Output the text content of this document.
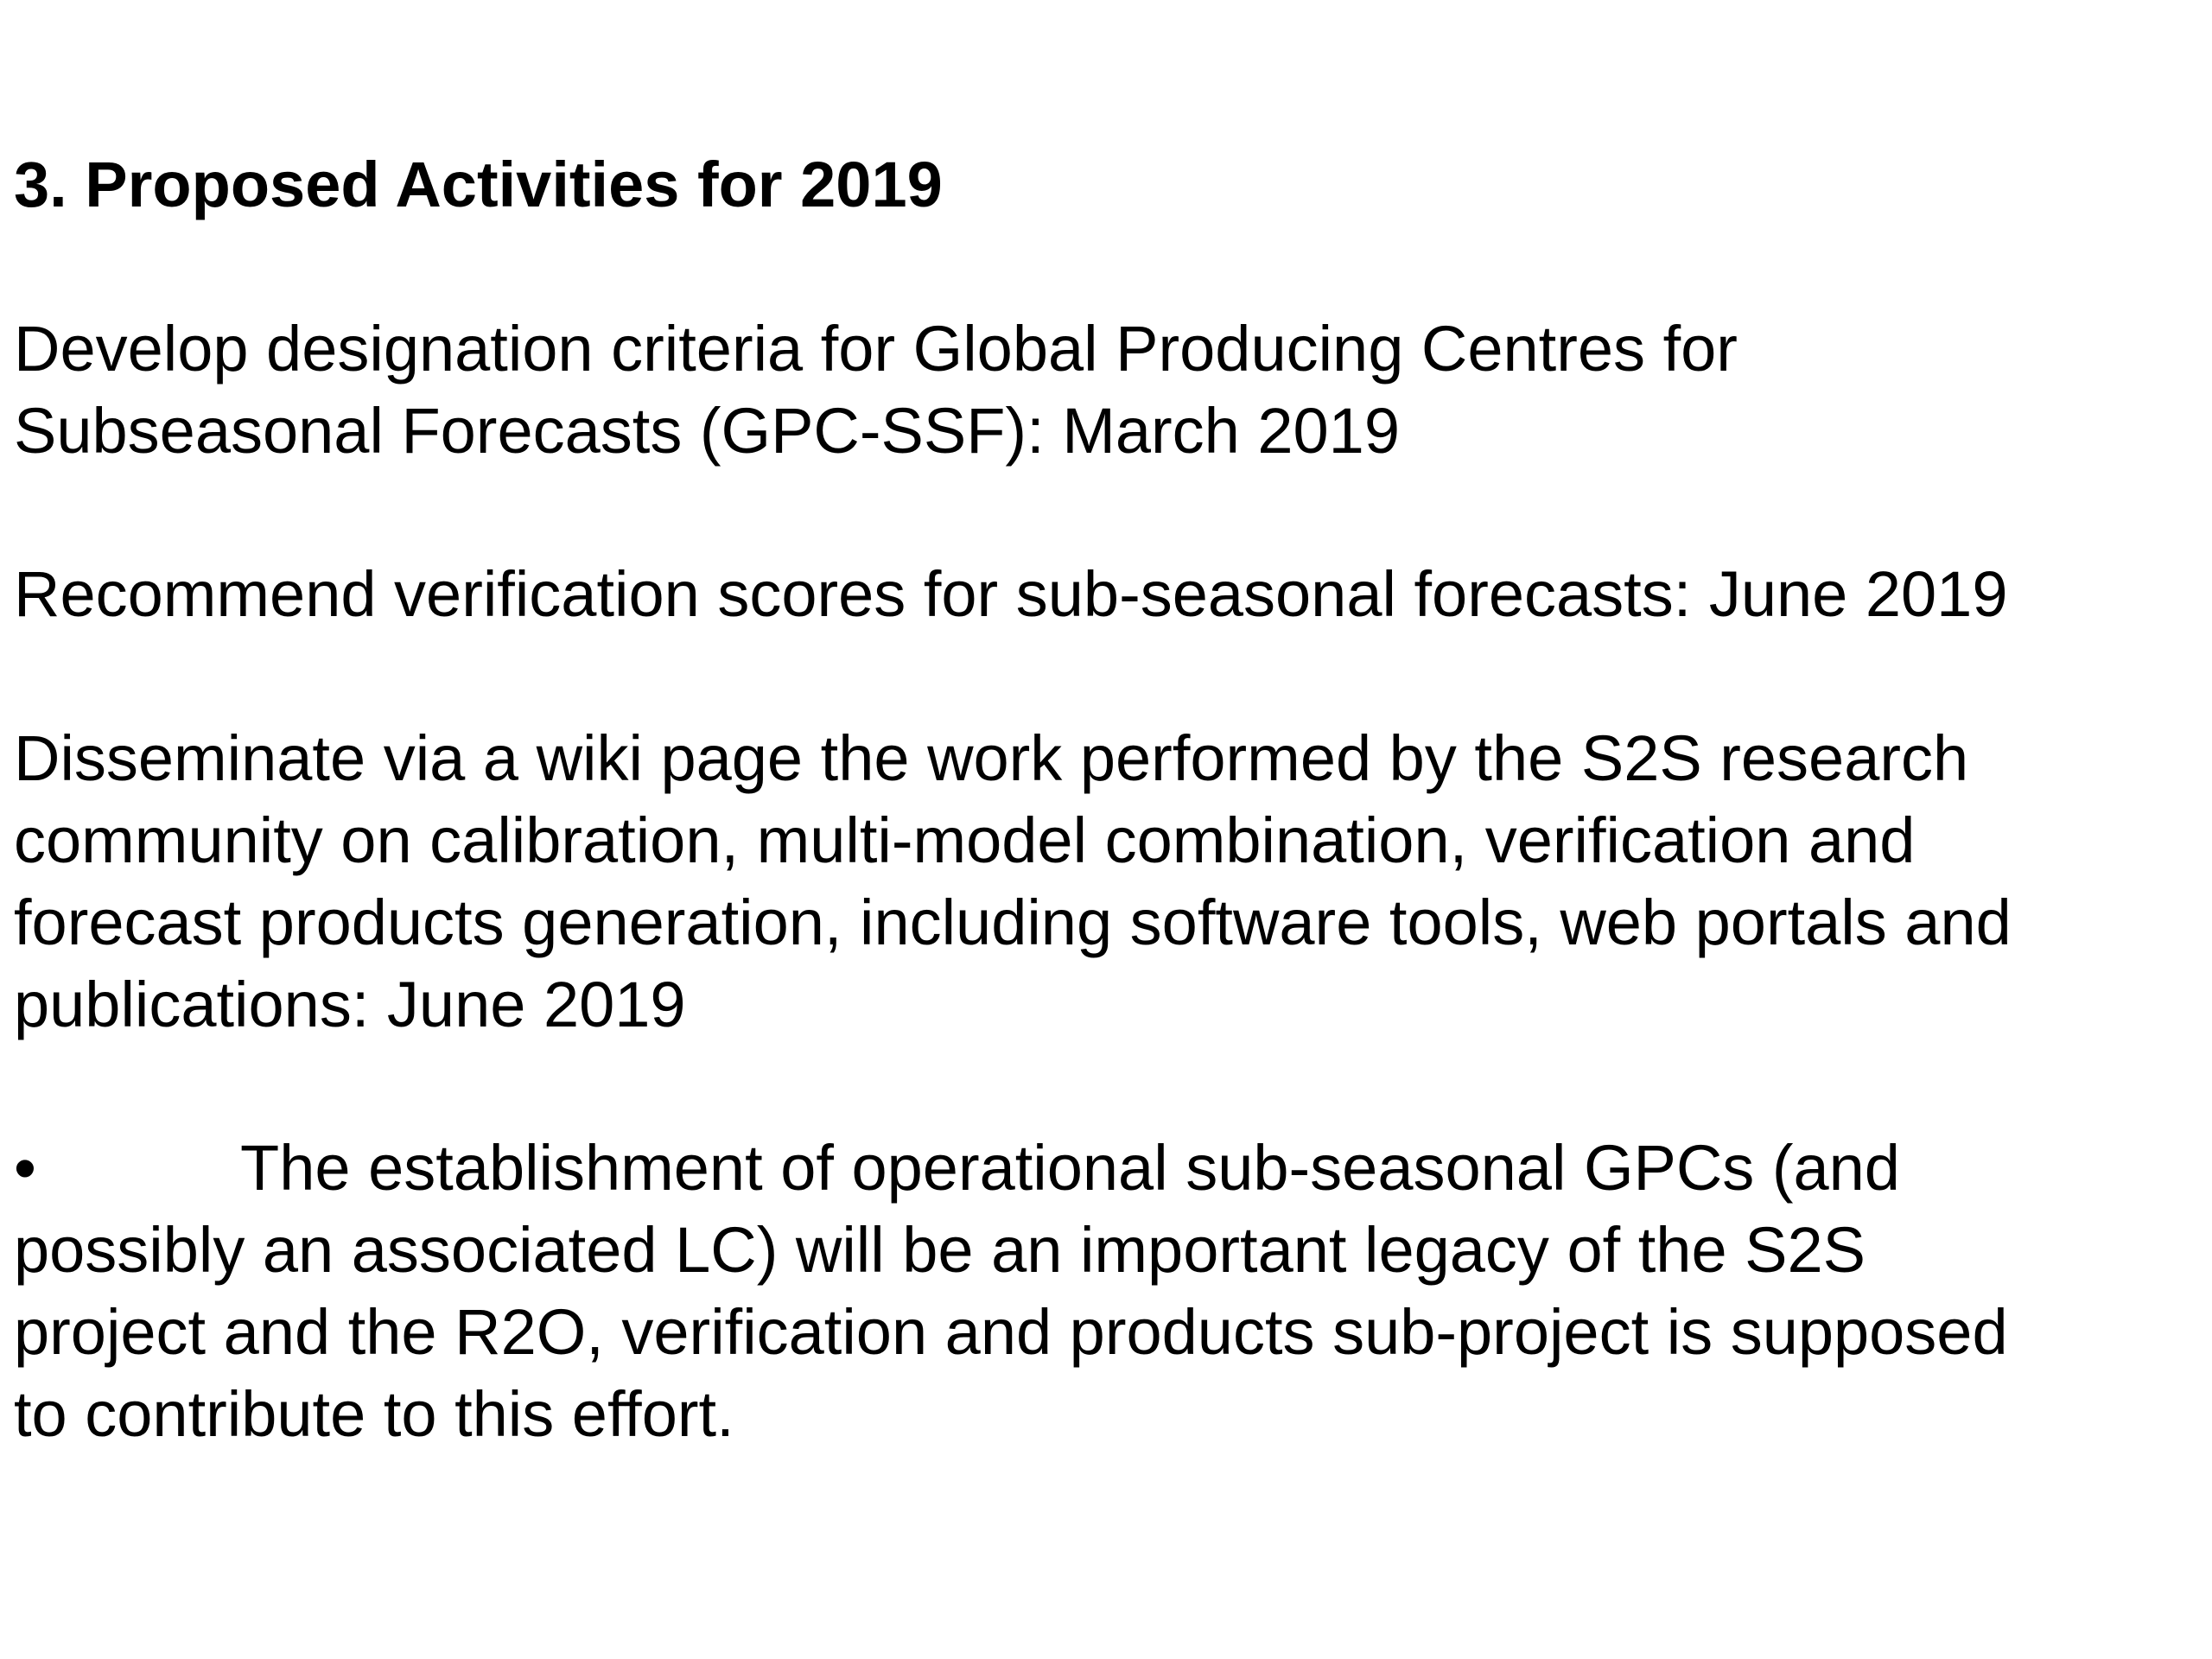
3. Proposed Activities for 2019

Develop designation criteria for Global Producing Centres for
Subseasonal Forecasts (GPC-SSF): March 2019

Recommend verification scores for sub-seasonal forecasts: June 2019

Disseminate via a wiki page the work performed by the S2S research
community on calibration, multi-model combination, verification and
forecast products generation, including software tools, web portals and
publications: June 2019

•	The establishment of operational sub-seasonal GPCs (and
possibly an associated LC) will be an important legacy of the S2S
project and the R2O, verification and products sub-project is supposed
to contribute to this effort.
